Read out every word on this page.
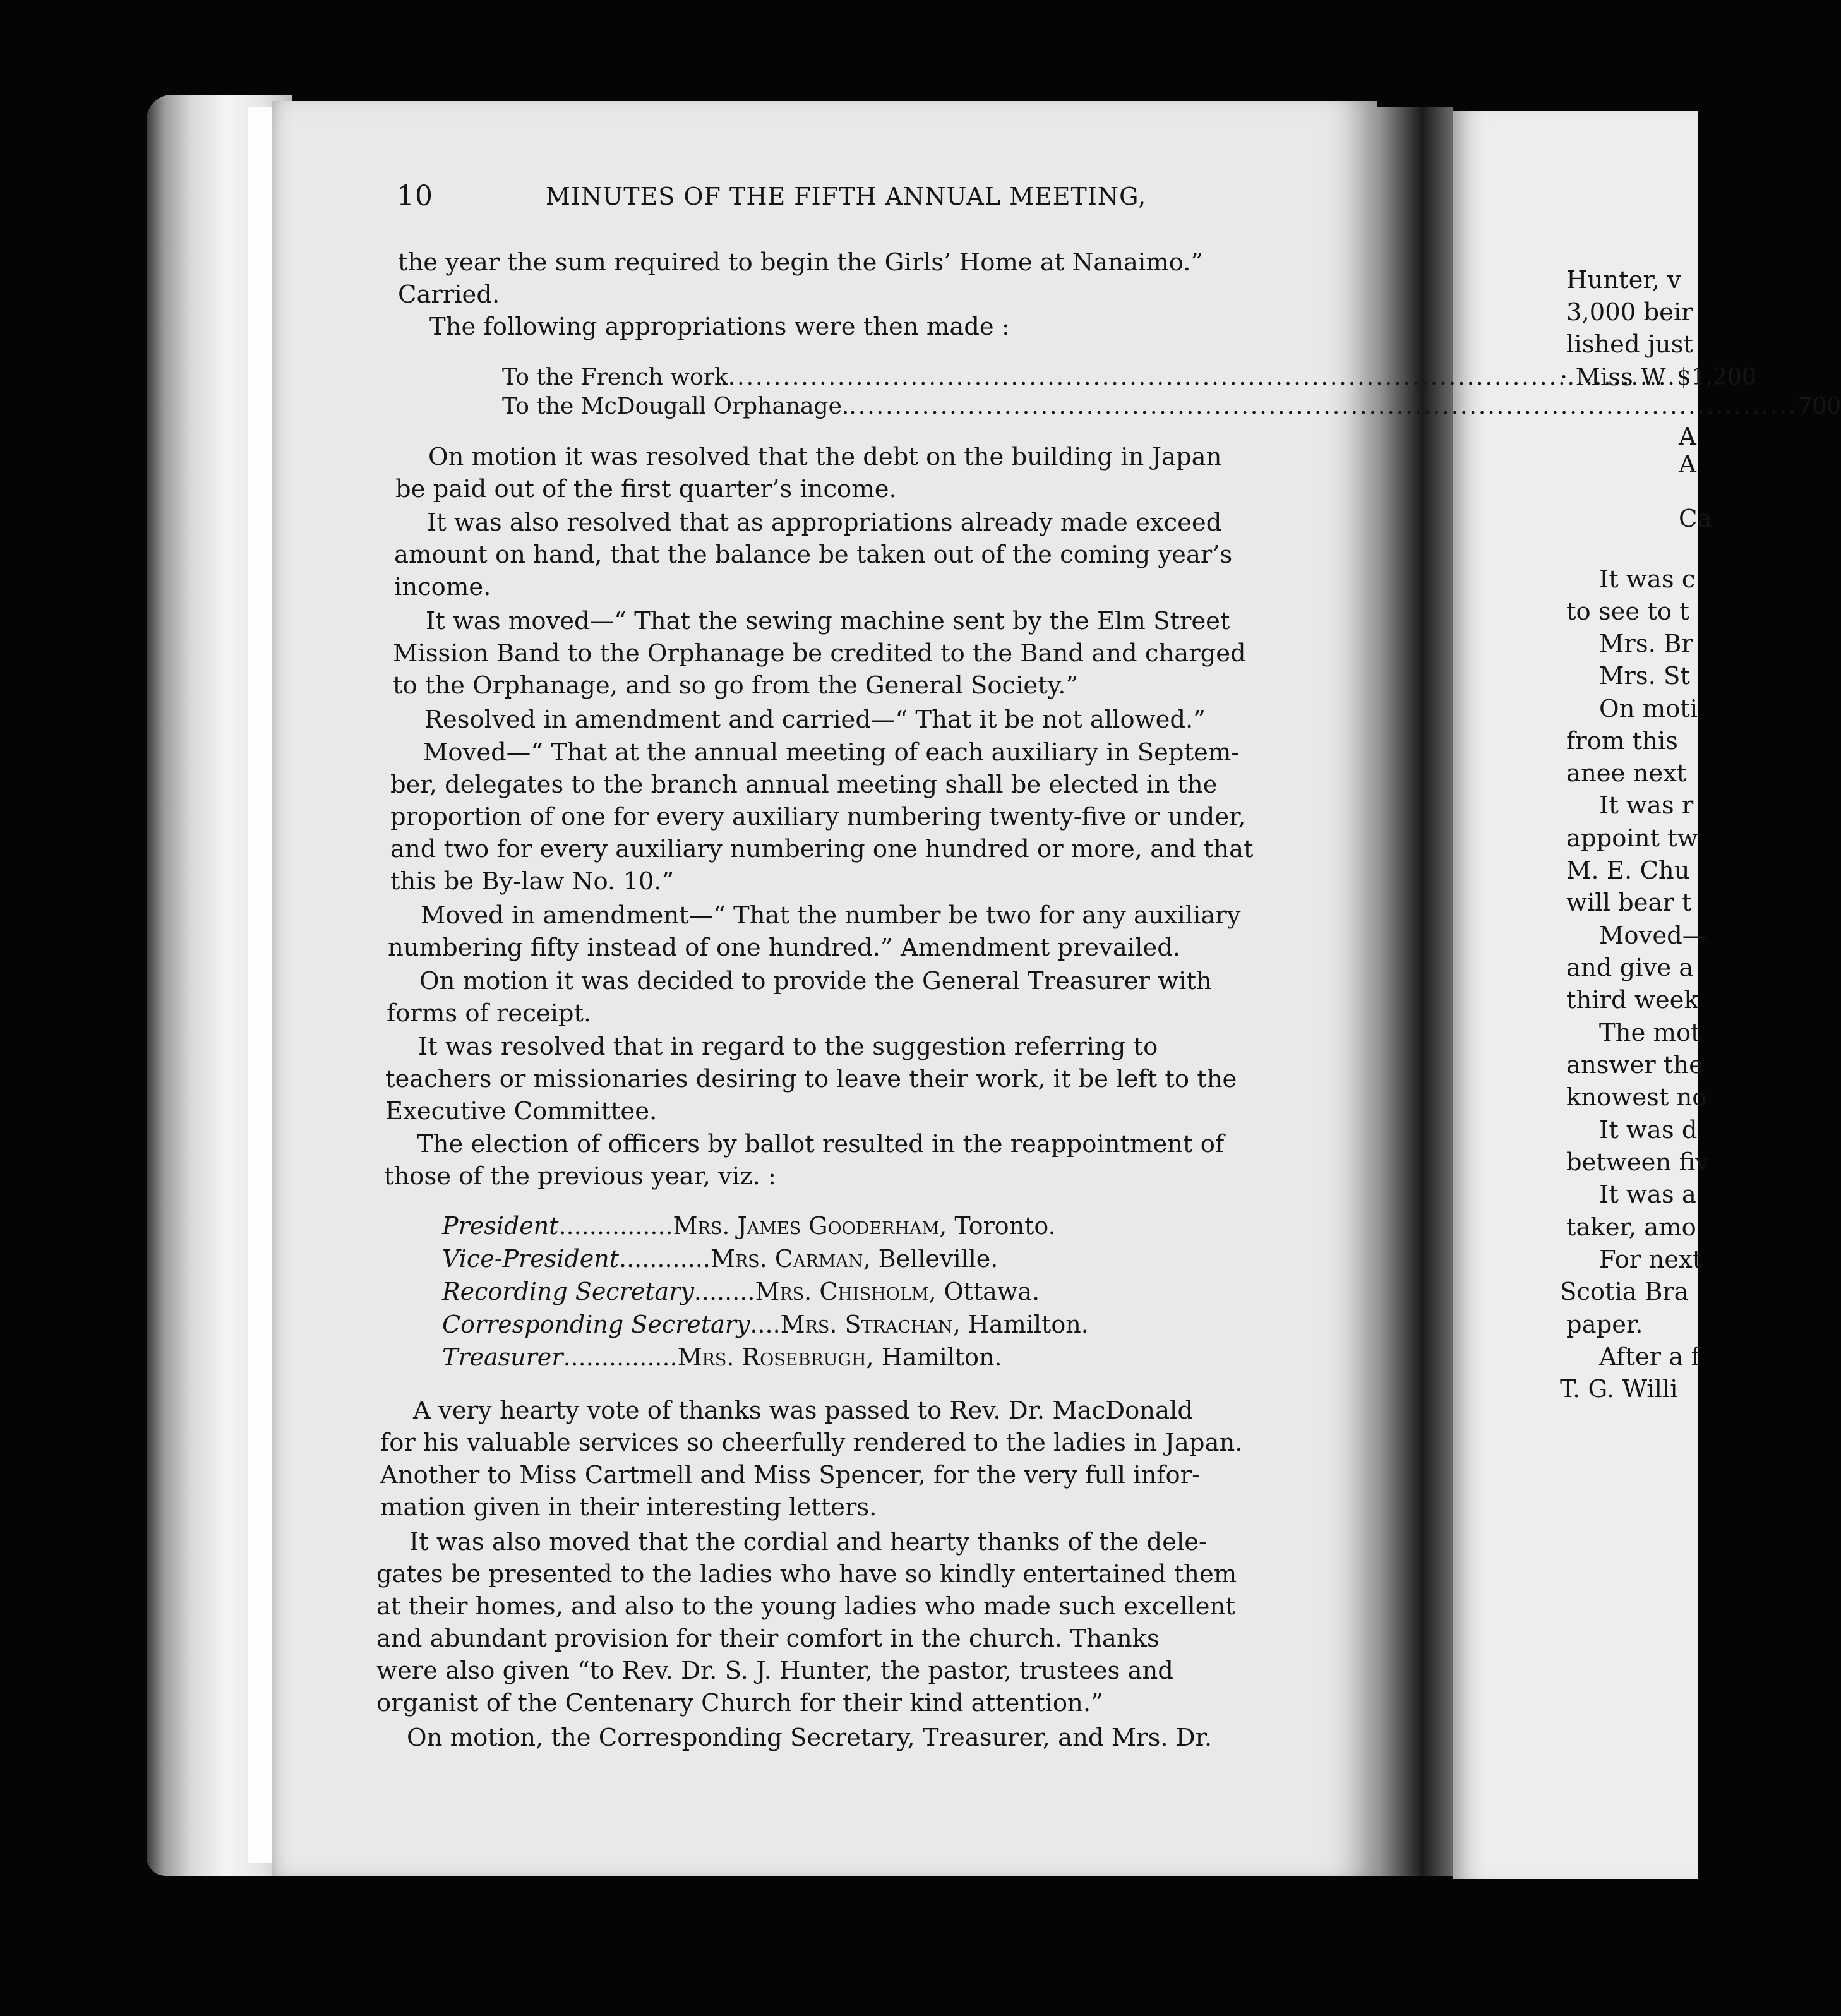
10	MINUTES OF THE FIFTH ANNUAL MEETING,
the year the sum required to begin the Girls’ Home at Nanaimo.”
Carried.
The following appropriations were then made :
To the French work .....	$1,200
To the McDougall Orphanage. .....	700
On motion it was resolved that the debt on the building in Japan
be paid out of the first quarter’s income.
It was also resolved that as appropriations already made exceed
amount on hand, that the balance be taken out of the coming year’s
income.
It was moved—“ That the sewing machine sent by the Elm Street
Mission Band to the Orphanage be credited to the Band and charged
to the Orphanage, and so go from the General Society.”
Resolved in amendment and carried—“ That it be not allowed.”
Moved—“ That at the annual meeting of each auxiliary in Septem-
ber, delegates to the branch annual meeting shall be elected in the
proportion of one for every auxiliary numbering twenty-five or under,
and two for every auxiliary numbering one hundred or more, and that
this be By-law No. 10.”
Moved in amendment—“ That the number be two for any auxiliary
numbering fifty instead of one hundred.” Amendment prevailed.
On motion it was decided to provide the General Treasurer with
forms of receipt.
It was resolved that in regard to the suggestion referring to
teachers or missionaries desiring to leave their work, it be left to the
Executive Committee.
The election of officers by ballot resulted in the reappointment of
those of the previous year, viz. :
President ............... Mrs. James Gooderham , Toronto.
Vice-President ............ Mrs. Carman , Belleville.
Recording Secretary ........ Mrs. Chisholm , Ottawa.
Corresponding Secretary .... Mrs. Strachan , Hamilton.
Treasurer ............... Mrs. Rosebrugh , Hamilton.
A very hearty vote of thanks was passed to Rev. Dr. MacDonald
for his valuable services so cheerfully rendered to the ladies in Japan.
Another to Miss Cartmell and Miss Spencer, for the very full infor-
mation given in their interesting letters.
It was also moved that the cordial and hearty thanks of the dele-
gates be presented to the ladies who have so kindly entertained them
at their homes, and also to the young ladies who made such excellent
and abundant provision for their comfort in the church. Thanks
were also given “to Rev. Dr. S. J. Hunter, the pastor, trustees and
organist of the Centenary Church for their kind attention.”
On motion, the Corresponding Secretary, Treasurer, and Mrs. Dr.
Hunter, v
3,000 beir
lished just
· Miss W
A
A
Ca
It was c
to see to t
Mrs. Br
Mrs. St
On moti
from this
anee next
It was r
appoint tw
M. E. Chu
will bear t
Moved—
and give a
third week
The mot
answer the
knowest no
It was d
between fiv
It was a
taker, amo
For next
Scotia Bra
paper.
After a f
T. G. Willi
